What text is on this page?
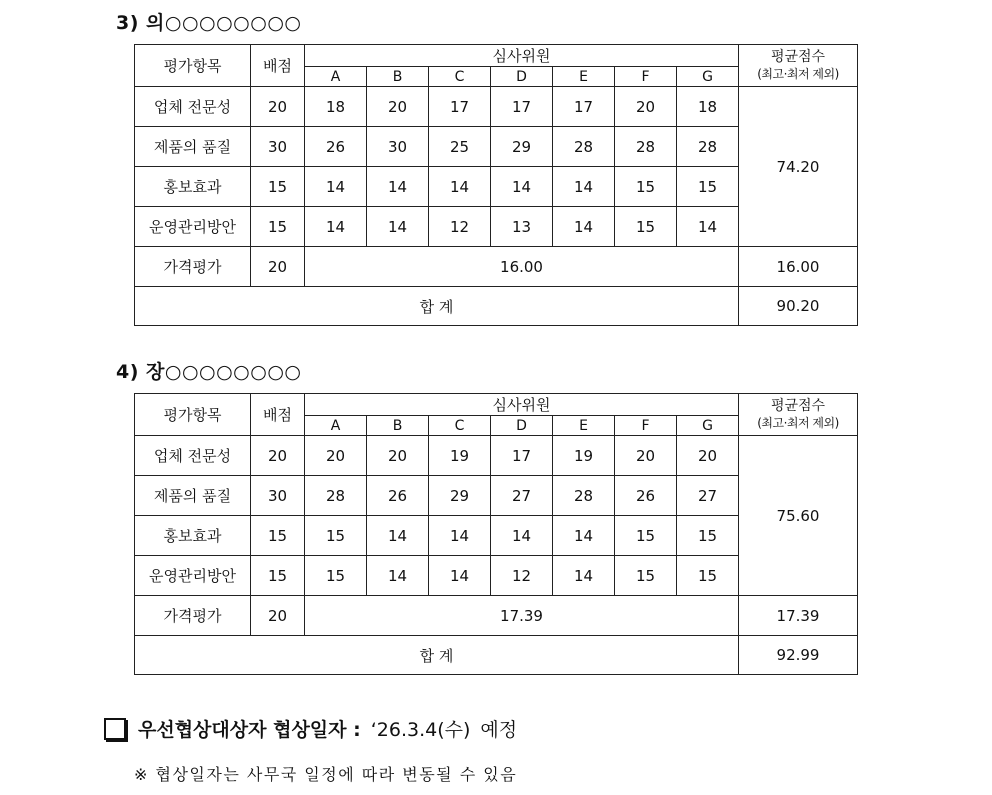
3) 의○○○○○○○○
평가항목	배점	심사위원							평균점수
(최고·최저 제외)

		A	B	C	D	E	F	G	
업체 전문성	20	18	20	17	17	17	20	18	74.20
제품의 품질	30	26	30	25	29	28	28	28	
홍보효과	15	14	14	14	14	14	15	15	
운영관리방안	15	14	14	12	13	14	15	14	
가격평가	20	16.00							16.00
합 계									90.20
4) 장○○○○○○○○
평가항목	배점	심사위원							평균점수
(최고·최저 제외)

		A	B	C	D	E	F	G	
업체 전문성	20	20	20	19	17	19	20	20	75.60
제품의 품질	30	28	26	29	27	28	26	27	
홍보효과	15	15	14	14	14	14	15	15	
운영관리방안	15	15	14	14	12	14	15	15	
가격평가	20	17.39							17.39
합 계									92.99
우선협상대상자 협상일자 : ‘26.3.4(수) 예정
※ 협상일자는 사무국 일정에 따라 변동될 수 있음
